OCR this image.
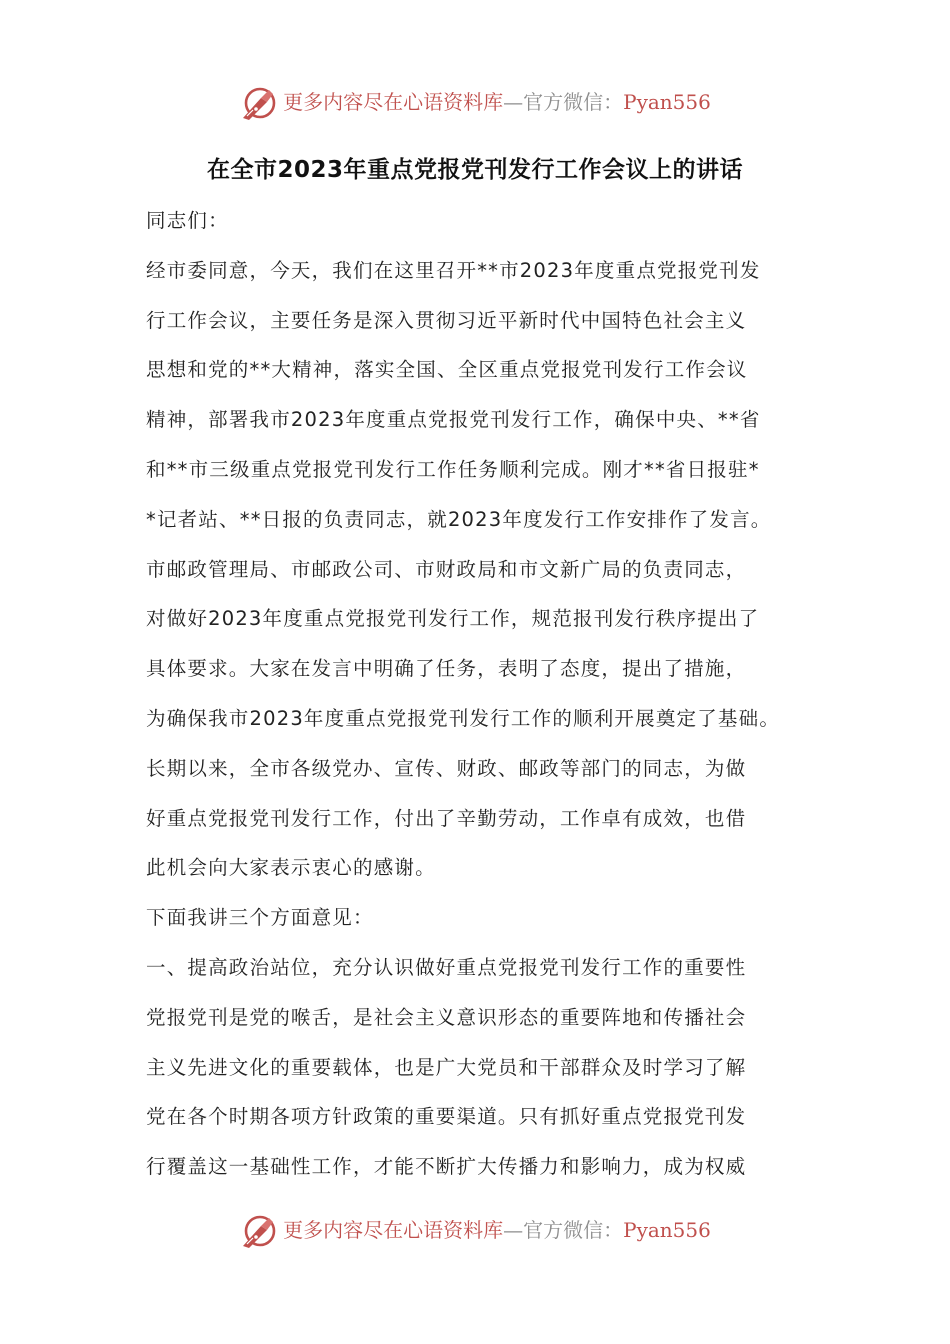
更多内容尽在心语资料库 — 官方微信： Pyan556
在全市2023年重点党报党刊发行工作会议上的讲话
同志们：
经市委同意，今天，我们在这里召开**市2023年度重点党报党刊发
行工作会议，主要任务是深入贯彻习近平新时代中国特色社会主义
思想和党的**大精神，落实全国、全区重点党报党刊发行工作会议
精神，部署我市2023年度重点党报党刊发行工作，确保中央、**省
和**市三级重点党报党刊发行工作任务顺利完成。刚才**省日报驻*
*记者站、**日报的负责同志，就2023年度发行工作安排作了发言。
市邮政管理局、市邮政公司、市财政局和市文新广局的负责同志，
对做好2023年度重点党报党刊发行工作，规范报刊发行秩序提出了
具体要求。大家在发言中明确了任务，表明了态度，提出了措施，
为确保我市2023年度重点党报党刊发行工作的顺利开展奠定了基础。
长期以来，全市各级党办、宣传、财政、邮政等部门的同志，为做
好重点党报党刊发行工作，付出了辛勤劳动，工作卓有成效，也借
此机会向大家表示衷心的感谢。
下面我讲三个方面意见：
一、提高政治站位，充分认识做好重点党报党刊发行工作的重要性
党报党刊是党的喉舌，是社会主义意识形态的重要阵地和传播社会
主义先进文化的重要载体，也是广大党员和干部群众及时学习了解
党在各个时期各项方针政策的重要渠道。只有抓好重点党报党刊发
行覆盖这一基础性工作，才能不断扩大传播力和影响力，成为权威
更多内容尽在心语资料库 — 官方微信： Pyan556
